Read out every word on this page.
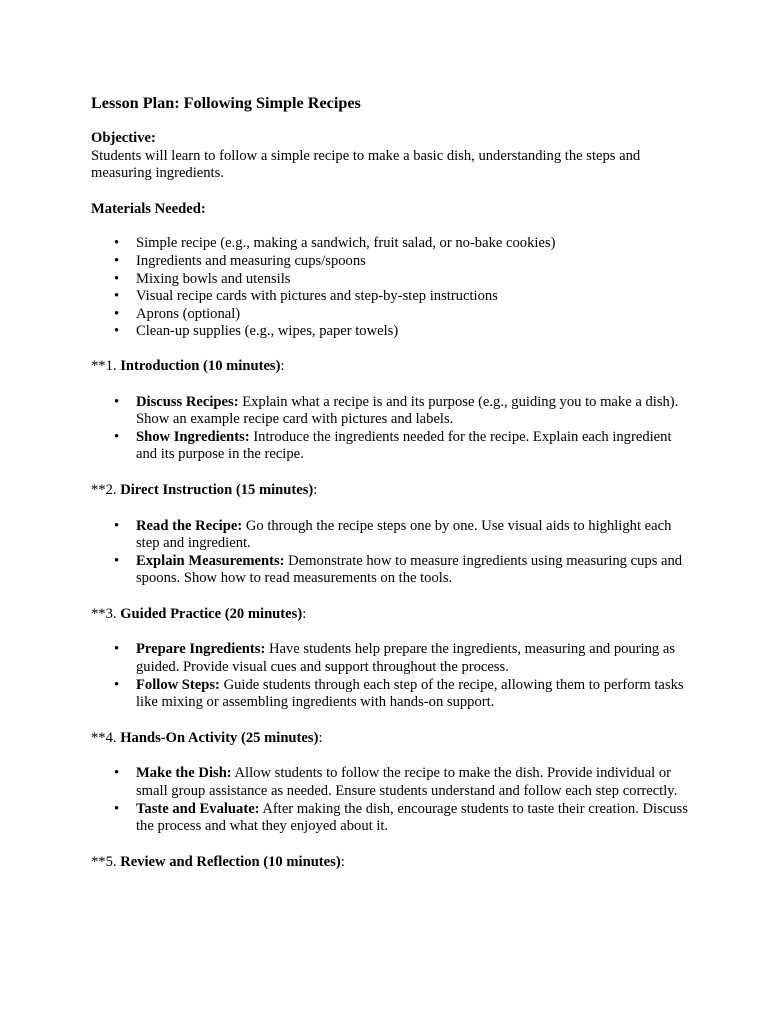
Lesson Plan: Following Simple Recipes

Objective:

Students will learn to follow a simple recipe to make a basic dish, understanding the steps and measuring ingredients.

Materials Needed:

• Simple recipe (e.g., making a sandwich, fruit salad, or no-bake cookies)
• Ingredients and measuring cups/spoons
• Mixing bowls and utensils
• Visual recipe cards with pictures and step-by-step instructions
• Aprons (optional)
• Clean-up supplies (e.g., wipes, paper towels)

**1. Introduction (10 minutes):

• Discuss Recipes: Explain what a recipe is and its purpose (e.g., guiding you to make a dish). Show an example recipe card with pictures and labels.
• Show Ingredients: Introduce the ingredients needed for the recipe. Explain each ingredient and its purpose in the recipe.

**2. Direct Instruction (15 minutes):

• Read the Recipe: Go through the recipe steps one by one. Use visual aids to highlight each step and ingredient.
• Explain Measurements: Demonstrate how to measure ingredients using measuring cups and spoons. Show how to read measurements on the tools.

**3. Guided Practice (20 minutes):

• Prepare Ingredients: Have students help prepare the ingredients, measuring and pouring as guided. Provide visual cues and support throughout the process.
• Follow Steps: Guide students through each step of the recipe, allowing them to perform tasks like mixing or assembling ingredients with hands-on support.

**4. Hands-On Activity (25 minutes):

• Make the Dish: Allow students to follow the recipe to make the dish. Provide individual or small group assistance as needed. Ensure students understand and follow each step correctly.
• Taste and Evaluate: After making the dish, encourage students to taste their creation. Discuss the process and what they enjoyed about it.

**5. Review and Reflection (10 minutes):
